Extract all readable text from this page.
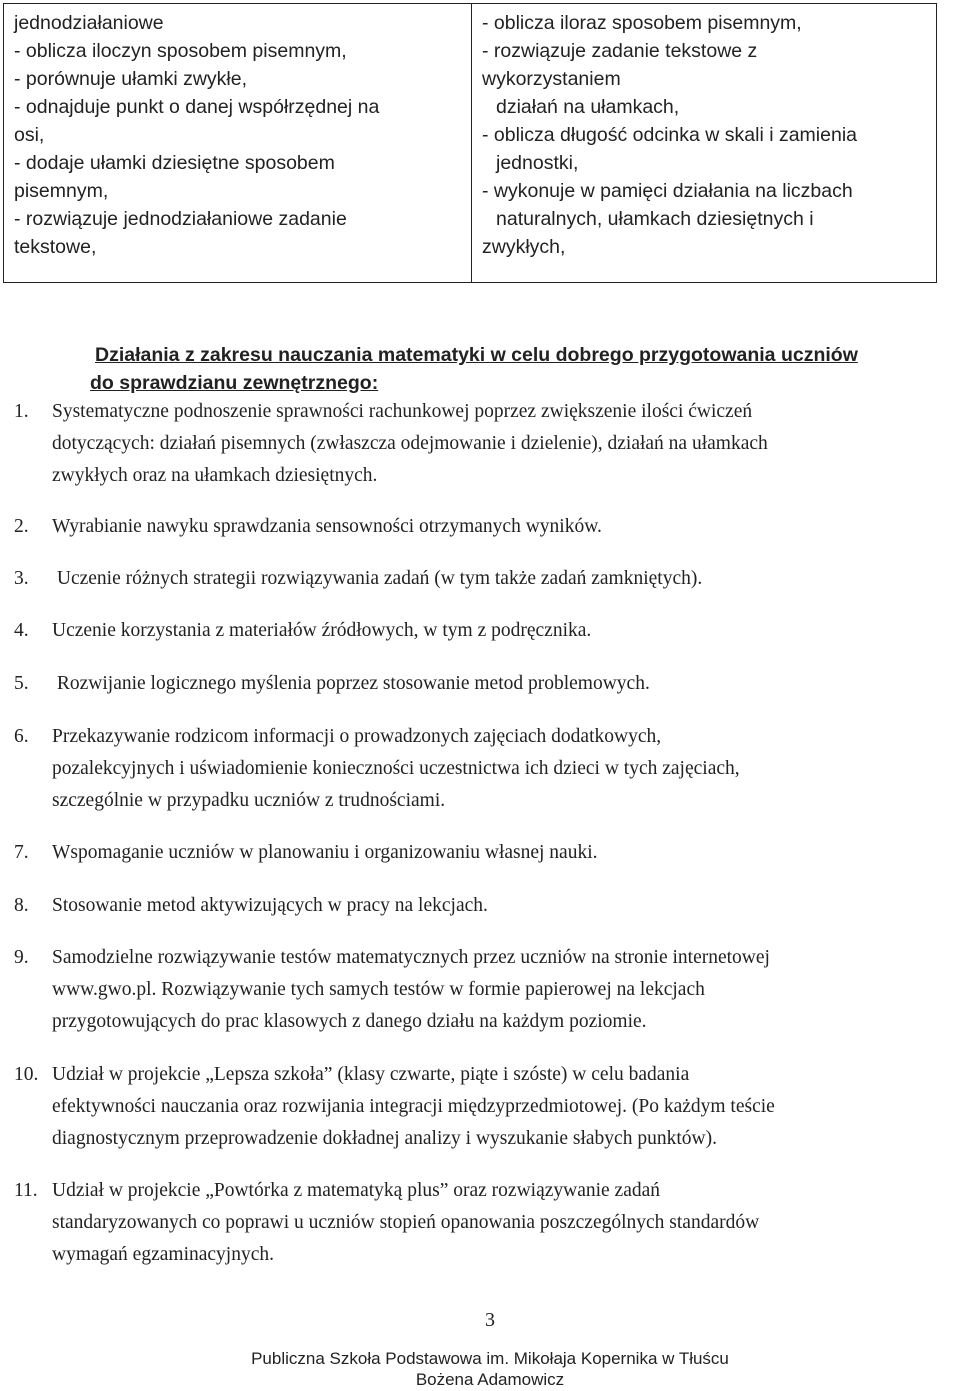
jednodziałaniowe
- oblicza iloczyn sposobem pisemnym,
- porównuje ułamki zwykłe,
- odnajduje punkt o danej współrzędnej na
osi,
- dodaje ułamki dziesiętne sposobem
pisemnym,
- rozwiązuje jednodziałaniowe zadanie
tekstowe,
- oblicza iloraz sposobem pisemnym,
- rozwiązuje zadanie tekstowe z
wykorzystaniem
działań na ułamkach,
- oblicza długość odcinka w skali i zamienia
jednostki,
- wykonuje w pamięci działania na liczbach
naturalnych, ułamkach dziesiętnych i
zwykłych,
Działania z zakresu nauczania matematyki w celu dobrego przygotowania uczniów
do sprawdzianu zewnętrznego:
1. Systematyczne podnoszenie sprawności rachunkowej poprzez zwiększenie ilości ćwiczeń
dotyczących: działań pisemnych (zwłaszcza odejmowanie i dzielenie), działań na ułamkach
zwykłych oraz na ułamkach dziesiętnych.
2. Wyrabianie nawyku sprawdzania sensowności otrzymanych wyników.
3. Uczenie różnych strategii rozwiązywania zadań (w tym także zadań zamkniętych).
4. Uczenie korzystania z materiałów źródłowych, w tym z podręcznika.
5. Rozwijanie logicznego myślenia poprzez stosowanie metod problemowych.
6. Przekazywanie rodzicom informacji o prowadzonych zajęciach dodatkowych,
pozalekcyjnych i uświadomienie konieczności uczestnictwa ich dzieci w tych zajęciach,
szczególnie w przypadku uczniów z trudnościami.
7. Wspomaganie uczniów w planowaniu i organizowaniu własnej nauki.
8. Stosowanie metod aktywizujących w pracy na lekcjach.
9. Samodzielne rozwiązywanie testów matematycznych przez uczniów na stronie internetowej
www.gwo.pl. Rozwiązywanie tych samych testów w formie papierowej na lekcjach
przygotowujących do prac klasowych z danego działu na każdym poziomie.
10. Udział w projekcie „Lepsza szkoła” (klasy czwarte, piąte i szóste) w celu badania
efektywności nauczania oraz rozwijania integracji międzyprzedmiotowej. (Po każdym teście
diagnostycznym przeprowadzenie dokładnej analizy i wyszukanie słabych punktów).
11. Udział w projekcie „Powtórka z matematyką plus” oraz rozwiązywanie zadań
standaryzowanych co poprawi u uczniów stopień opanowania poszczególnych standardów
wymagań egzaminacyjnych.
3
Publiczna Szkoła Podstawowa im. Mikołaja Kopernika w Tłuścu
Bożena Adamowicz
